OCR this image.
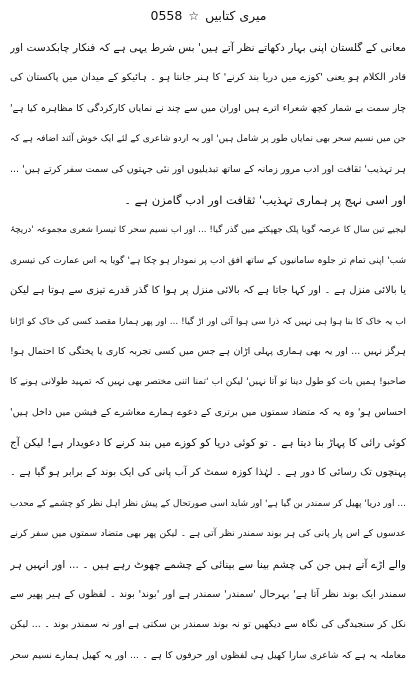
میری کتابیں☆0558
معانی کے گلستان اپنی بہار دکھاتے نظر آتے ہیں' بس شرط یہی ہے کہ فنکار چابکدست اور
قادر الکلام ہو یعنی 'کوزے میں دریا بند کرنے' کا ہنر جانتا ہو ۔ ہائیکو کے میدان میں پاکستان کی
چار سمت بے شمار کچھ شعراء اترے ہیں اوران میں سے چند نے نمایاں کارکردگی کا مظاہرہ کیا ہے'
جن میں نسیم سحر بھی نمایاں طور پر شامل ہیں' اور یہ اردو شاعری کے لئے ایک خوش آئند اضافہ ہے کہ
ہر تہذیب' ثقافت اور ادب مرور زمانہ کے ساتھ تبدیلیوں اور نئی جہتوں کی سمت سفر کرتے ہیں' ...
اور اسی نہج پر ہماری تہذیب' ثقافت اور ادب گامزن ہے ۔
لیجیے تین سال کا عرصہ گویا پلک جھپکتے میں گذر گیا! ... اور اب نسیم سحر کا تیسرا شعری مجموعہ 'دریچۂ
شب' اپنی تمام تر جلوہ سامانیوں کے ساتھ افق ادب پر نمودار ہو چکا ہے' گویا یہ اس عمارت کی تیسری
یا بالائی منزل ہے ۔ اور کہا جاتا ہے کہ بالائی منزل پر ہوا کا گذر قدرے تیزی سے ہوتا ہے لیکن
اب یہ خاک کا بنا ہوا ہی نہیں کہ ذرا سی ہوا آئی اور اڑ گیا! ... اور پھر ہمارا مقصد کسی کی خاک کو اڑانا
ہرگز نہیں ... اور یہ بھی ہماری پہلی اڑان ہے جس میں کسی تجربہ کاری یا پختگی کا احتمال ہو!
صاحبو! ہمیں بات کو طول دینا تو آتا نہیں' لیکن اب 'تمنا اتنی مختصر بھی نہیں کہ تمہید طولانی ہونے کا
احساس ہو' وہ یہ کہ متضاد سمتوں میں برتری کے دعوے ہمارے معاشرے کے فیشن میں داخل ہیں'
کوئی رائی کا پہاڑ بنا دیتا ہے ۔ تو کوئی دریا کو کوزے میں بند کرنے کا دعویدار ہے! لیکن آج
پہنچوں تک رسائی کا دور ہے ۔ لہٰذا کوزہ سمٹ کر آب پانی کی ایک بوند کے برابر ہو گیا ہے ۔
... اور دریا' پھیل کر سمندر بن گیا ہے' اور شاید اسی صورتحال کے پیش نظر اہل نظر کو چشمے کے محدب
عدسوں کے اس پار پانی کی ہر بوند سمندر نظر آتی ہے ۔ لیکن پھر بھی متضاد سمتوں میں سفر کرنے
والے اڑے آتے ہیں جن کی چشم بینا سے بینائی کے چشمے چھوٹ رہے ہیں ۔ ... اور انہیں ہر
سمندر ایک بوند نظر آتا ہے' بہرحال 'سمندر' سمندر ہے اور 'بوند' بوند ۔ لفظوں کے ہیر پھیر سے
نکل کر سنجیدگی کی نگاہ سے دیکھیں تو نہ بوند سمندر بن سکتی ہے اور نہ سمندر بوند ۔ ... لیکن
معاملہ یہ ہے کہ شاعری سارا کھیل ہی لفظوں اور حرفوں کا ہے ۔ ... اور یہ کھیل ہمارے نسیم سحر
